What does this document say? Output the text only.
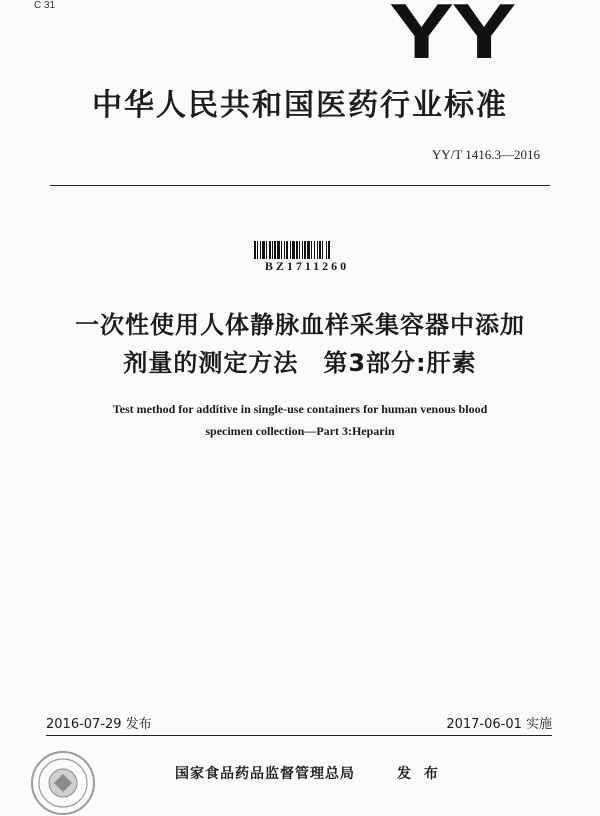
C 31	YY
中华人民共和国医药行业标准
YY/T 1416.3—2016
BZ1711260
一次性使用人体静脉血样采集容器中添加
剂量的测定方法　第3部分:肝素
Test method for additive in single-use containers for human venous blood
specimen collection—Part 3:Heparin
2016-07-29 发布	2017-06-01 实施
国家食品药品监督管理总局	发 布
